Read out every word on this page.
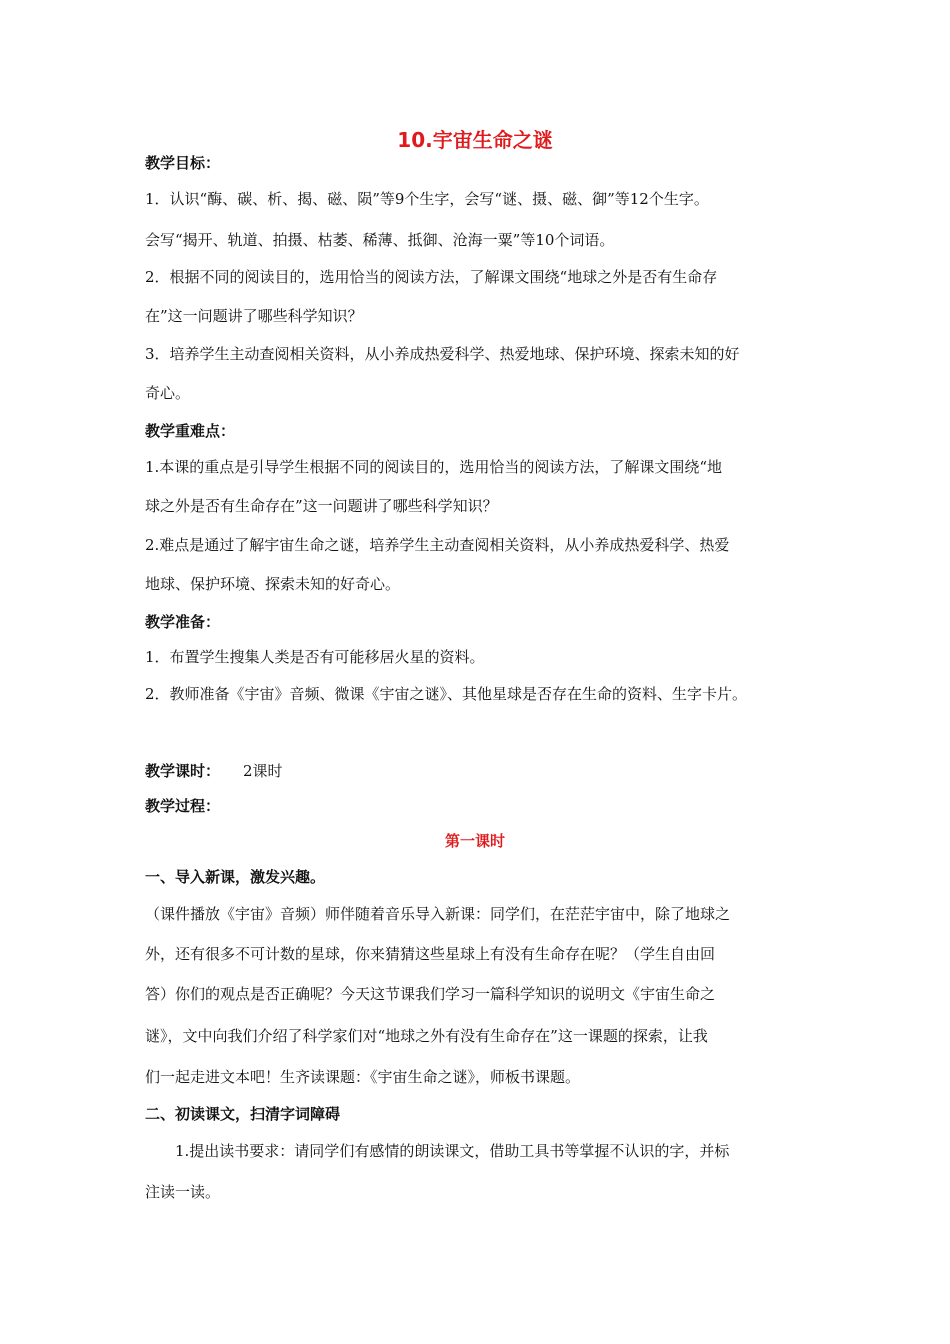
10.宇宙生命之谜
教学目标：
1．认识“酶、碳、析、揭、磁、陨”等9个生字，会写“谜、摄、磁、御”等12个生字。
会写“揭开、轨道、拍摄、枯萎、稀薄、抵御、沧海一粟”等10个词语。
2．根据不同的阅读目的，选用恰当的阅读方法，了解课文围绕“地球之外是否有生命存
在”这一问题讲了哪些科学知识？
3．培养学生主动查阅相关资料，从小养成热爱科学、热爱地球、保护环境、探索未知的好
奇心。
教学重难点：
1.本课的重点是引导学生根据不同的阅读目的，选用恰当的阅读方法，了解课文围绕“地
球之外是否有生命存在”这一问题讲了哪些科学知识？
2.难点是通过了解宇宙生命之谜，培养学生主动查阅相关资料，从小养成热爱科学、热爱
地球、保护环境、探索未知的好奇心。
教学准备：
1．布置学生搜集人类是否有可能移居火星的资料。
2．教师准备《宇宙》音频、微课《宇宙之谜》、其他星球是否存在生命的资料、生字卡片。
教学课时： 2课时
教学过程：
第一课时
一、导入新课，激发兴趣。
（课件播放《宇宙》音频）师伴随着音乐导入新课：同学们，在茫茫宇宙中，除了地球之
外，还有很多不可计数的星球，你来猜猜这些星球上有没有生命存在呢？（学生自由回
答）你们的观点是否正确呢？今天这节课我们学习一篇科学知识的说明文《宇宙生命之
谜》，文中向我们介绍了科学家们对“地球之外有没有生命存在”这一课题的探索，让我
们一起走进文本吧！生齐读课题：《宇宙生命之谜》，师板书课题。
二、初读课文，扫清字词障碍
1.提出读书要求：请同学们有感情的朗读课文，借助工具书等掌握不认识的字，并标
注读一读。
